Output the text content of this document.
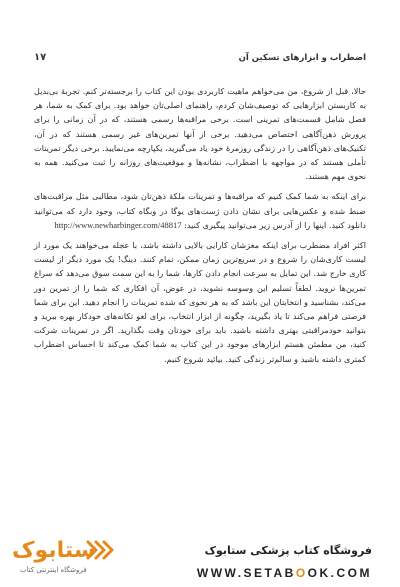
اضطراب و ابزارهای تسکین آن
۱۷

حالا، قبل از شروع، من می‌خواهم ماهیت کاربردی بودن این کتاب را برجسته‌تر کنم. تجربهٔ بی‌بدیل به کاربستن ابزارهایی که توصیف‌شان کردم، راهنمای اصلی‌تان خواهد بود. برای کمک به شما، هر فصل شامل قسمت‌های تمرینی است. برخی مراقبه‌ها رسمی هستند، که در آن زمانی را برای پرورش ذهن‌آگاهی اختصاص می‌دهید. برخی از آنها تمرین‌های غیر رسمی هستند که در آن، تکنیک‌های ذهن‌آگاهی را در زندگی روزمرهٔ خود یاد می‌گیرید، یکپارچه می‌نمایید. برخی دیگر تمرینات تأملی هستند که در مواجهه با اضطراب، نشانه‌ها و موقعیت‌های روزانه را ثبت می‌کنید. همه به نحوی مهم هستند.

برای اینکه به شما کمک کنیم که مراقبه‌ها و تمرینات ملکهٔ ذهن‌تان شود، مطالبی مثل مراقبت‌های ضبط شده و عکس‌هایی برای نشان دادن ژست‌های یوگا در وبگاه کتاب، وجود دارد که می‌توانید دانلود کنید. اینها را از آدرس زیر می‌توانید پیگیری کنید: http://www.newharbinger.com/48817

اکثر افراد مضطرب برای اینکه مغزشان کارایی بالایی داشته باشد، با عجله می‌خواهند یک مورد از لیست کاری‌شان را شروع و در سریع‌ترین زمان ممکن، تمام کنند. دینگ! یک مورد دیگر از لیست کاری خارج شد. این تمایل به سرعت انجام دادن کارها، شما را به این سمت سوق می‌دهد که سراغ تمرین‌ها نروید. لطفاً تسلیم این وسوسه نشوید، در عوض، آن افکاری که شما را از تمرین دور می‌کند، بشناسید و انتخابتان این باشد که به هر نحوی که شده تمرینات را انجام دهید. این برای شما فرصتی فراهم می‌کند تا یاد بگیرید، چگونه از ابزار انتخاب، برای لغو تکانه‌های خودکار بهره ببرید و بتوانید خودمراقبتی بهتری داشته باشید. باید برای خودتان وقت بگذارید. اگر در تمرینات شرکت کنید، من مطمئن هستم ابزارهای موجود در این کتاب به شما کمک می‌کند تا احساس اضطراب کمتری داشته باشید و سالم‌تر زندگی کنید. بیائید شروع کنیم.

فروشگاه کتاب پزشکی ستابوک
WWW.SETABOOK.COM
ستابوک
فروشگاه اینترنتی کتاب
